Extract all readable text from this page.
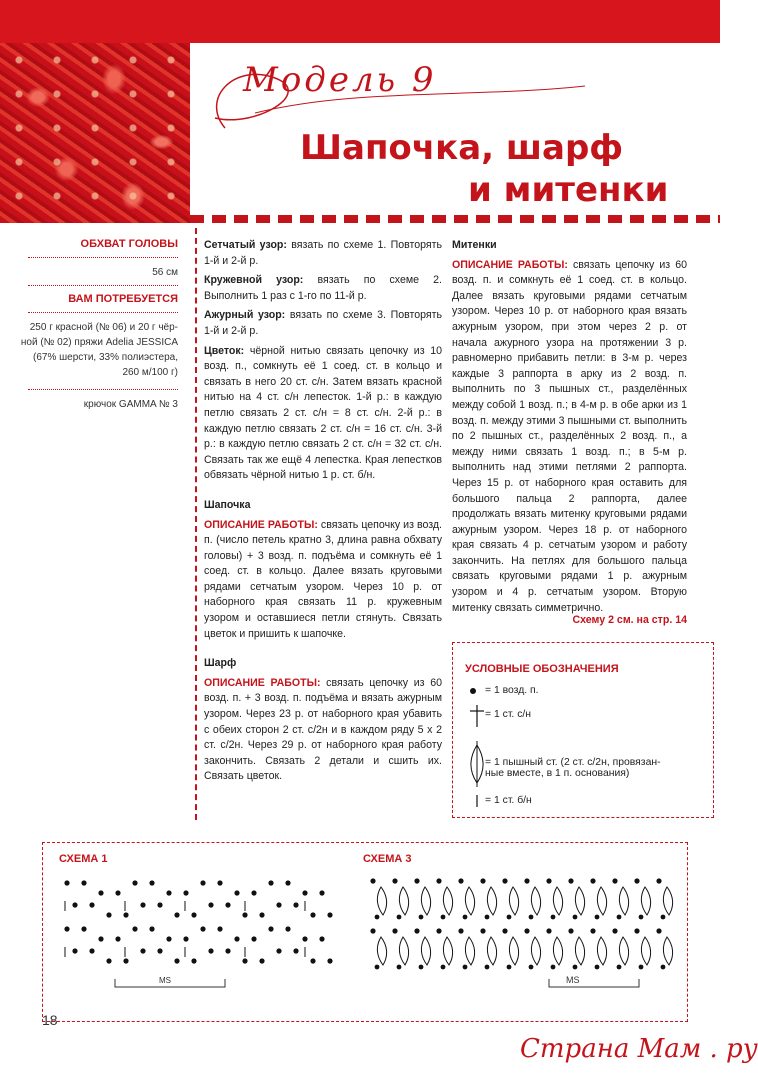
Модель 9
Шапочка, шарф
и митенки
ОБХВАТ ГОЛОВЫ
56 см
ВАМ ПОТРЕБУЕТСЯ
250 г красной (№ 06) и 20 г чёр-
ной (№ 02) пряжи Adelia JESSICA
(67% шерсти, 33% полиэстера,
260 м/100 г)
крючок GAMMA № 3

Сетчатый узор: вязать по схеме 1. Повторять 1-й и 2-й р.

Кружевной узор: вязать по схеме 2. Выполнить 1 раз с 1-го по 11-й р.

Ажурный узор: вязать по схеме 3. Повторять 1-й и 2-й р.

Цветок: чёрной нитью связать цепочку из 10 возд. п., сомкнуть её 1 соед. ст. в кольцо и связать в него 20 ст. с/н. Затем вязать красной нитью на 4 ст. с/н лепесток. 1-й р.: в каждую петлю связать 2 ст. с/н = 8 ст. с/н. 2-й р.: в каждую петлю связать 2 ст. с/н = 16 ст. с/н. 3-й р.: в каждую петлю связать 2 ст. с/н = 32 ст. с/н. Связать так же ещё 4 лепестка. Края лепестков обвязать чёрной нитью 1 р. ст. б/н.

Шапочка

ОПИСАНИЕ РАБОТЫ: связать цепочку из возд. п. (число петель кратно 3, длина равна обхвату головы) + 3 возд. п. подъёма и сомкнуть её 1 соед. ст. в кольцо. Далее вязать круговыми рядами сетчатым узором. Через 10 р. от наборного края связать 11 р. кружевным узором и оставшиеся петли стянуть. Связать цветок и пришить к шапочке.

Шарф

ОПИСАНИЕ РАБОТЫ: связать цепочку из 60 возд. п. + 3 возд. п. подъёма и вязать ажурным узором. Через 23 р. от наборного края убавить с обеих сторон 2 ст. с/2н и в каждом ряду 5 х 2 ст. с/2н. Через 29 р. от наборного края работу закончить. Связать 2 детали и сшить их. Связать цветок.

Митенки

ОПИСАНИЕ РАБОТЫ: связать цепочку из 60 возд. п. и сомкнуть её 1 соед. ст. в кольцо. Далее вязать круговыми рядами сетчатым узором. Через 10 р. от наборного края вязать ажурным узором, при этом через 2 р. от начала ажурного узора на протяжении 3 р. равномерно прибавить петли: в 3-м р. через каждые 3 раппорта в арку из 2 возд. п. выполнить по 3 пышных ст., разделённых между собой 1 возд. п.; в 4-м р. в обе арки из 1 возд. п. между этими 3 пышными ст. выполнить по 2 пышных ст., разделённых 2 возд. п., а между ними связать 1 возд. п.; в 5-м р. выполнить над этими петлями 2 раппорта. Через 15 р. от наборного края оставить для большого пальца 2 раппорта, далее продолжать вязать митенку круговыми рядами ажурным узором. Через 18 р. от наборного края связать 4 р. сетчатым узором и работу закончить. На петлях для большого пальца связать круговыми рядами 1 р. ажурным узором и 4 р. сетчатым узором. Вторую митенку связать симметрично.

Схему 2 см. на стр. 14
УСЛОВНЫЕ ОБОЗНАЧЕНИЯ
= 1 возд. п.
= 1 ст. с/н
= 1 пышный ст. (2 ст. с/2н, провязан-
ные вместе, в 1 п. основания)
= 1 ст. б/н
СХЕМА 1	СХЕМА 3
MS	MS
18
Страна Мам . ру
